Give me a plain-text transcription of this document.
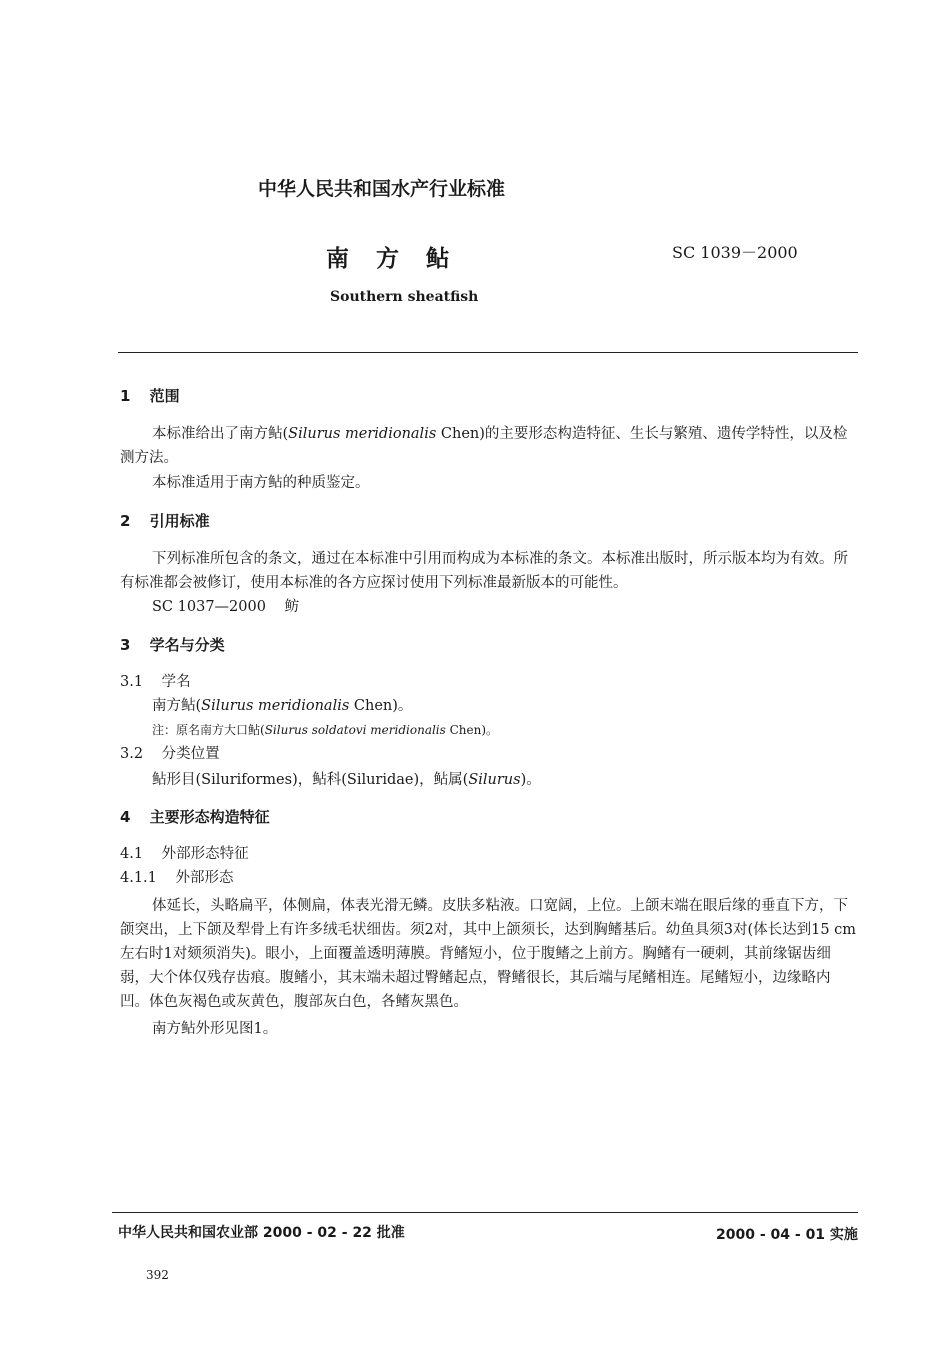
中华人民共和国水产行业标准
南　方　鲇	SC 1039－2000
Southern sheatfish
1 范围
本标准给出了南方鲇(Silurus meridionalis Chen)的主要形态构造特征、生长与繁殖、遗传学特性，以及检测方法。
本标准适用于南方鲇的种质鉴定。
2 引用标准
下列标准所包含的条文，通过在本标准中引用而构成为本标准的条文。本标准出版时，所示版本均为有效。所有标准都会被修订，使用本标准的各方应探讨使用下列标准最新版本的可能性。
SC 1037—2000 鲂
3 学名与分类
3.1 学名
南方鲇(Silurus meridionalis Chen)。
注：原名南方大口鲇(Silurus soldatovi meridionalis Chen)。
3.2 分类位置
鲇形目(Siluriformes)，鲇科(Siluridae)，鲇属(Silurus)。
4 主要形态构造特征
4.1 外部形态特征
4.1.1 外部形态
体延长，头略扁平，体侧扁，体表光滑无鳞。皮肤多粘液。口宽阔，上位。上颌末端在眼后缘的垂直下方，下颌突出，上下颌及犁骨上有许多绒毛状细齿。须2对，其中上颌须长，达到胸鳍基后。幼鱼具须3对(体长达到15 cm左右时1对颏须消失)。眼小，上面覆盖透明薄膜。背鳍短小，位于腹鳍之上前方。胸鳍有一硬刺，其前缘锯齿细弱，大个体仅残存齿痕。腹鳍小，其末端未超过臀鳍起点，臀鳍很长，其后端与尾鳍相连。尾鳍短小，边缘略内凹。体色灰褐色或灰黄色，腹部灰白色，各鳍灰黑色。
南方鲇外形见图1。
中华人民共和国农业部 2000 - 02 - 22 批准	2000 - 04 - 01 实施
392
